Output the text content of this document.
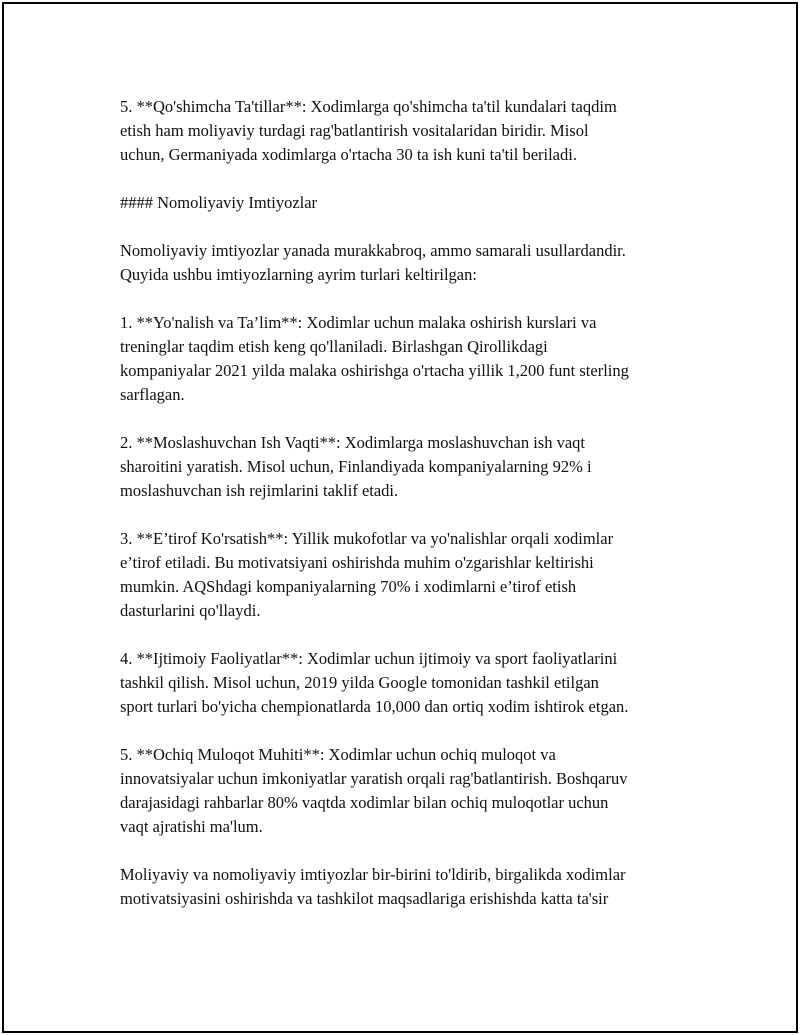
5. **Qo'shimcha Ta'tillar**: Xodimlarga qo'shimcha ta'til kundalari taqdim
etish ham moliyaviy turdagi rag'batlantirish vositalaridan biridir. Misol
uchun, Germaniyada xodimlarga o'rtacha 30 ta ish kuni ta'til beriladi.

#### Nomoliyaviy Imtiyozlar

Nomoliyaviy imtiyozlar yanada murakkabroq, ammo samarali usullardandir.
Quyida ushbu imtiyozlarning ayrim turlari keltirilgan:

1. **Yo'nalish va Ta’lim**: Xodimlar uchun malaka oshirish kurslari va
treninglar taqdim etish keng qo'llaniladi. Birlashgan Qirollikdagi
kompaniyalar 2021 yilda malaka oshirishga o'rtacha yillik 1,200 funt sterling
sarflagan.

2. **Moslashuvchan Ish Vaqti**: Xodimlarga moslashuvchan ish vaqt
sharoitini yaratish. Misol uchun, Finlandiyada kompaniyalarning 92% i
moslashuvchan ish rejimlarini taklif etadi.

3. **E’tirof Ko'rsatish**: Yillik mukofotlar va yo'nalishlar orqali xodimlar
e’tirof etiladi. Bu motivatsiyani oshirishda muhim o'zgarishlar keltirishi
mumkin. AQShdagi kompaniyalarning 70% i xodimlarni e’tirof etish
dasturlarini qo'llaydi.

4. **Ijtimoiy Faoliyatlar**: Xodimlar uchun ijtimoiy va sport faoliyatlarini
tashkil qilish. Misol uchun, 2019 yilda Google tomonidan tashkil etilgan
sport turlari bo'yicha chempionatlarda 10,000 dan ortiq xodim ishtirok etgan.

5. **Ochiq Muloqot Muhiti**: Xodimlar uchun ochiq muloqot va
innovatsiyalar uchun imkoniyatlar yaratish orqali rag'batlantirish. Boshqaruv
darajasidagi rahbarlar 80% vaqtda xodimlar bilan ochiq muloqotlar uchun
vaqt ajratishi ma'lum.

Moliyaviy va nomoliyaviy imtiyozlar bir-birini to'ldirib, birgalikda xodimlar
motivatsiyasini oshirishda va tashkilot maqsadlariga erishishda katta ta'sir
